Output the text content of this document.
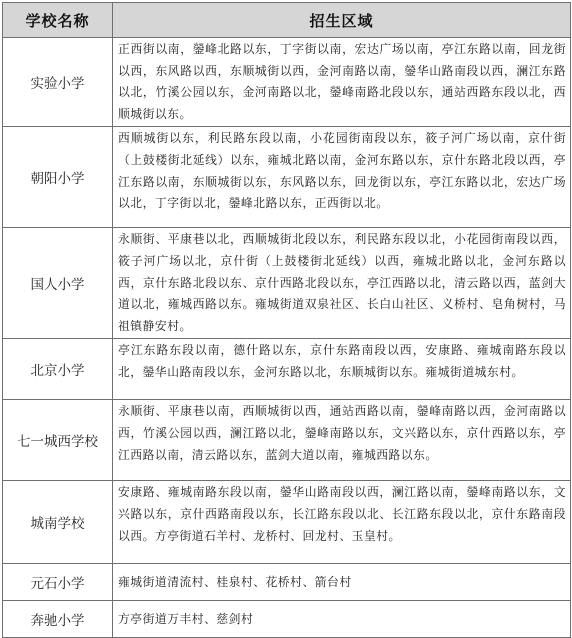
学校名称	招生区域
实验小学	正西街以南，鎣峰北路以东，丁字街以南，宏达广场以南，亭江东路以南，回龙街以西，东风路以西，东顺城街以西，金河南路以南，鎣华山路南段以西，澜江东路以北，竹溪公园以东，金河南路以北，鎣峰南路北段以东，通站西路东段以北，西顺城街以东。
朝阳小学	西顺城街以东，利民路东段以南，小花园街南段以东，筱子河广场以南，京什街（上鼓楼街北延线）以东，雍城北路以南，金河东路以东，京什东路北段以西，亭江东路以南，东顺城街以东，东风路以东，回龙街以东，亭江东路以北，宏达广场以北，丁字街以北，鎣峰北路以东，正西街以北。
国人小学	永顺街、平康巷以北，西顺城街北段以东，利民路东段以北，小花园街南段以西，筱子河广场以北，京什街（上鼓楼街北延线）以西，雍城北路以北，金河东路以西，京什东路北段以东、京什西路北段以东，亭江西路以北，清云路以西，蓝剑大道以北，雍城西路以东。雍城街道双泉社区、长白山社区、义桥村、皂角树村，马祖镇静安村。
北京小学	亭江东路东段以南，德什路以东，京什东路南段以西，安康路、雍城南路东段以北，鎣华山路南段以东，金河东路以北，东顺城街以东。雍城街道城东村。
七一城西学校	永顺街、平康巷以南，西顺城街以西，通站西路以南，鎣峰南路以西，金河南路以西，竹溪公园以西，澜江路以北，鎣峰南路以东，文兴路以东，京什西路以东，亭江西路以南，清云路以东，蓝剑大道以南，雍城西路以东。
城南学校	安康路、雍城南路东段以南，鎣华山路南段以西，澜江路以南，鎣峰南路以东，文兴路以东，京什西路南段以东，长江路东段以北、长江路东段以北，京什东路南段以西。方亭街道石羊村、龙桥村、回龙村、玉皇村。
元石小学	雍城街道清流村、桂泉村、花桥村、箭台村
奔驰小学	方亭街道万丰村、慈剑村
